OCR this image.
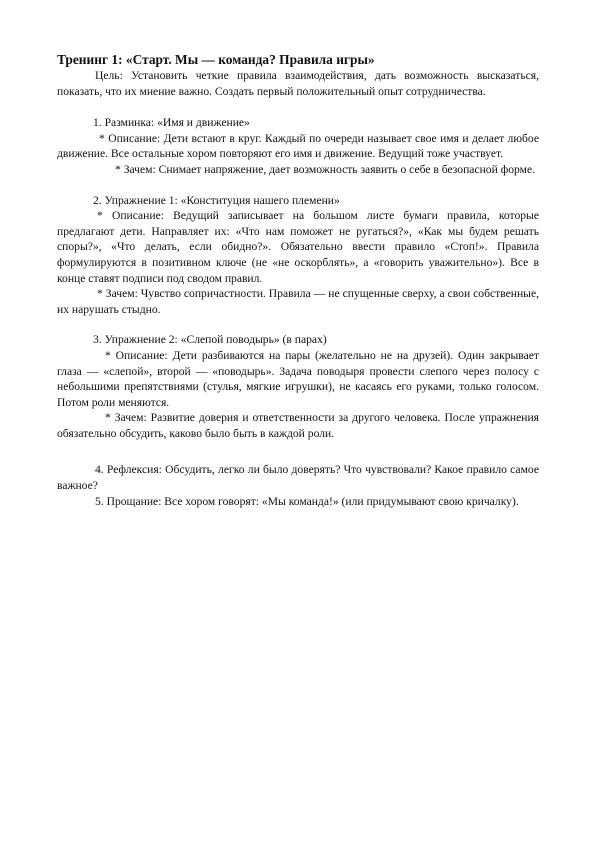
Тренинг 1: «Старт. Мы — команда? Правила игры»

Цель: Установить четкие правила взаимодействия, дать возможность высказаться, показать, что их мнение важно. Создать первый положительный опыт сотрудничества.

1. Разминка: «Имя и движение»

* Описание: Дети встают в круг. Каждый по очереди называет свое имя и делает любое движение. Все остальные хором повторяют его имя и движение. Ведущий тоже участвует.

* Зачем: Снимает напряжение, дает возможность заявить о себе в безопасной форме.

2. Упражнение 1: «Конституция нашего племени»

* Описание: Ведущий записывает на большом листе бумаги правила, которые предлагают дети. Направляет их: «Что нам поможет не ругаться?», «Как мы будем решать споры?», «Что делать, если обидно?». Обязательно ввести правило «Стоп!». Правила формулируются в позитивном ключе (не «не оскорблять», а «говорить уважительно»). Все в конце ставят подписи под сводом правил.

* Зачем: Чувство сопричастности. Правила — не спущенные сверху, а свои собственные, их нарушать стыдно.

3. Упражнение 2: «Слепой поводырь» (в парах)

* Описание: Дети разбиваются на пары (желательно не на друзей). Один закрывает глаза — «слепой», второй — «поводырь». Задача поводыря провести слепого через полосу с небольшими препятствиями (стулья, мягкие игрушки), не касаясь его руками, только голосом. Потом роли меняются.

* Зачем: Развитие доверия и ответственности за другого человека. После упражнения обязательно обсудить, каково было быть в каждой роли.

4. Рефлексия: Обсудить, легко ли было доверять? Что чувствовали? Какое правило самое важное?

5. Прощание: Все хором говорят: «Мы команда!» (или придумывают свою кричалку).
